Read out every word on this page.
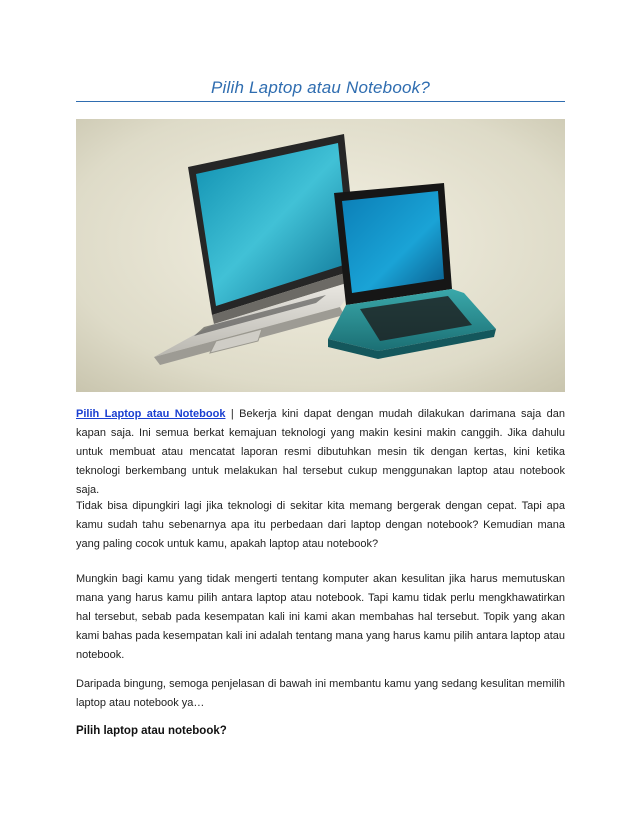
Pilih Laptop atau Notebook?
Pilih Laptop atau Notebook | Bekerja kini dapat dengan mudah dilakukan darimana saja dan kapan saja. Ini semua berkat kemajuan teknologi yang makin kesini makin canggih. Jika dahulu untuk membuat atau mencatat laporan resmi dibutuhkan mesin tik dengan kertas, kini ketika teknologi berkembang untuk melakukan hal tersebut cukup menggunakan laptop atau notebook saja.
Tidak bisa dipungkiri lagi jika teknologi di sekitar kita memang bergerak dengan cepat. Tapi apa kamu sudah tahu sebenarnya apa itu perbedaan dari laptop dengan notebook? Kemudian mana yang paling cocok untuk kamu, apakah laptop atau notebook?
Mungkin bagi kamu yang tidak mengerti tentang komputer akan kesulitan jika harus memutuskan mana yang harus kamu pilih antara laptop atau notebook. Tapi kamu tidak perlu mengkhawatirkan hal tersebut, sebab pada kesempatan kali ini kami akan membahas hal tersebut. Topik yang akan kami bahas pada kesempatan kali ini adalah tentang mana yang harus kamu pilih antara laptop atau notebook.
Daripada bingung, semoga penjelasan di bawah ini membantu kamu yang sedang kesulitan memilih laptop atau notebook ya…
Pilih laptop atau notebook?
